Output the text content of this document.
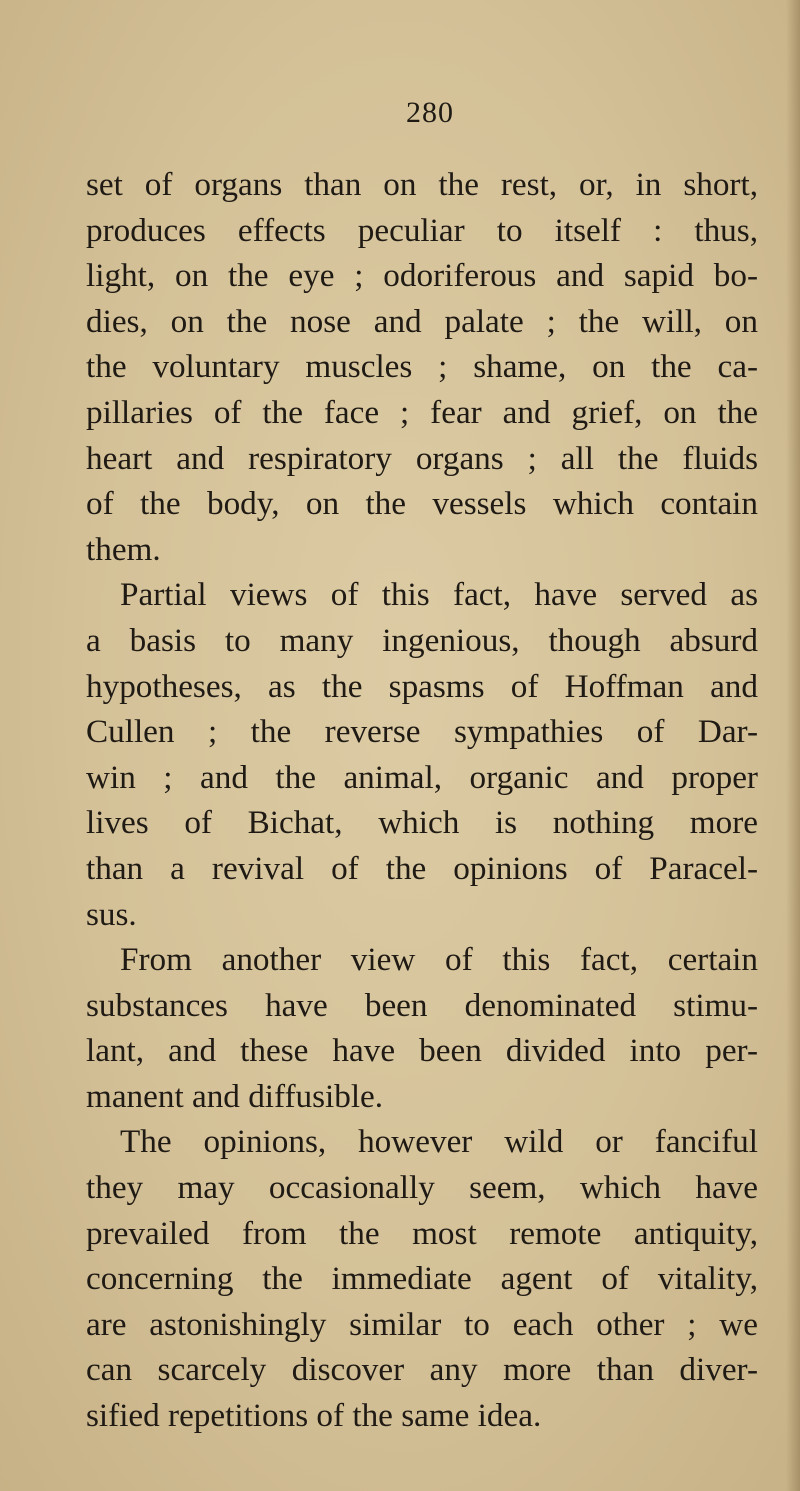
280
set of organs than on the rest, or, in short,
produces effects peculiar to itself : thus,
light, on the eye ; odoriferous and sapid bo-
dies, on the nose and palate ; the will, on
the voluntary muscles ; shame, on the ca-
pillaries of the face ; fear and grief, on the
heart and respiratory organs ; all the fluids
of the body, on the vessels which contain
them.
Partial views of this fact, have served as
a basis to many ingenious, though absurd
hypotheses, as the spasms of Hoffman and
Cullen ; the reverse sympathies of Dar-
win ; and the animal, organic and proper
lives of Bichat, which is nothing more
than a revival of the opinions of Paracel-
sus.
From another view of this fact, certain
substances have been denominated stimu-
lant, and these have been divided into per-
manent and diffusible.
The opinions, however wild or fanciful
they may occasionally seem, which have
prevailed from the most remote antiquity,
concerning the immediate agent of vitality,
are astonishingly similar to each other ; we
can scarcely discover any more than diver-
sified repetitions of the same idea.
